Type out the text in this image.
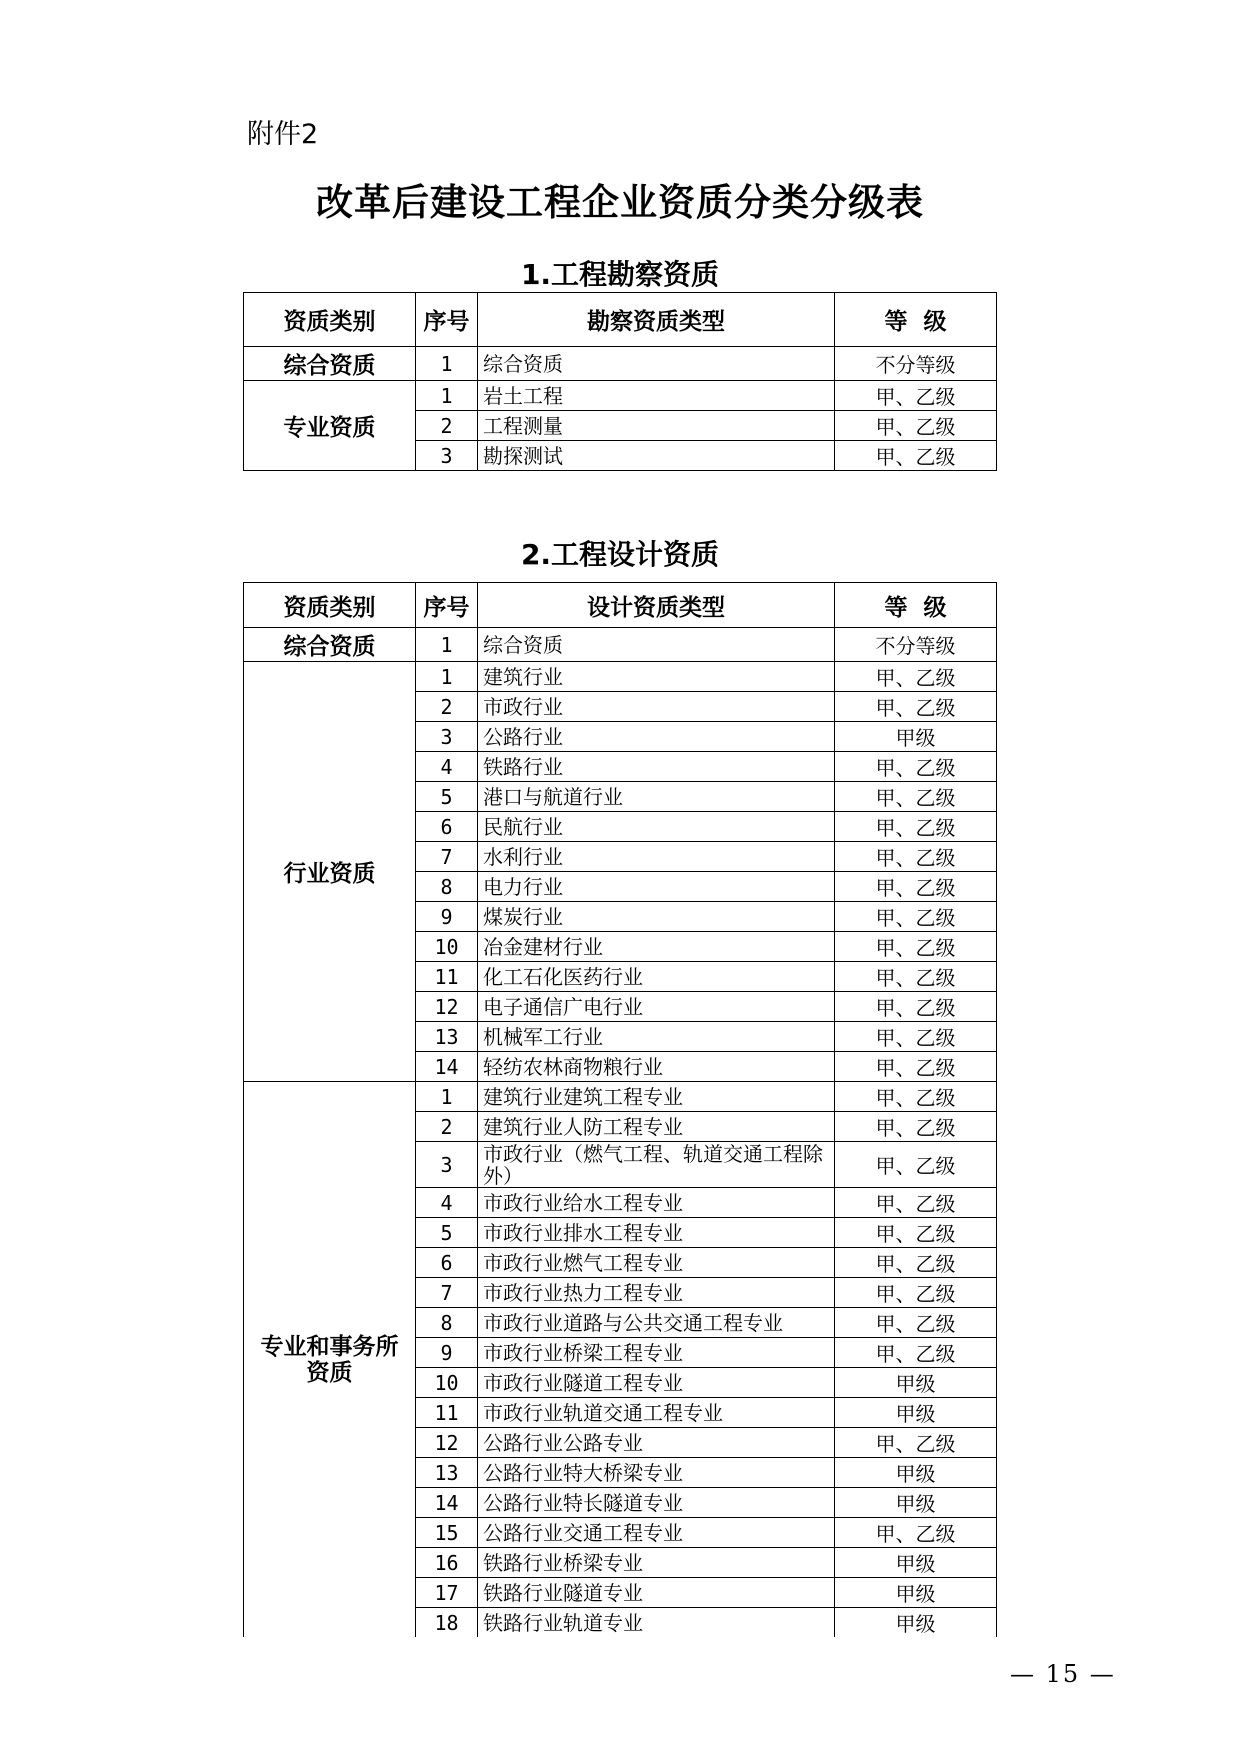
附件2
改革后建设工程企业资质分类分级表
1.工程勘察资质
资质类别	序号	勘察资质类型	等  级
综合资质	1	综合资质	不分等级
专业资质	1	岩土工程	甲、乙级
	2	工程测量	甲、乙级
	3	勘探测试	甲、乙级
2.工程设计资质
资质类别	序号	设计资质类型	等  级
综合资质	1	综合资质	不分等级
行业资质	1	建筑行业	甲、乙级
	2	市政行业	甲、乙级
	3	公路行业	甲级
	4	铁路行业	甲、乙级
	5	港口与航道行业	甲、乙级
	6	民航行业	甲、乙级
	7	水利行业	甲、乙级
	8	电力行业	甲、乙级
	9	煤炭行业	甲、乙级
	10	冶金建材行业	甲、乙级
	11	化工石化医药行业	甲、乙级
	12	电子通信广电行业	甲、乙级
	13	机械军工行业	甲、乙级
	14	轻纺农林商物粮行业	甲、乙级
专业和事务所资质	1	建筑行业建筑工程专业	甲、乙级
	2	建筑行业人防工程专业	甲、乙级
	3	市政行业（燃气工程、轨道交通工程除外）	甲、乙级
	4	市政行业给水工程专业	甲、乙级
	5	市政行业排水工程专业	甲、乙级
	6	市政行业燃气工程专业	甲、乙级
	7	市政行业热力工程专业	甲、乙级
	8	市政行业道路与公共交通工程专业	甲、乙级
	9	市政行业桥梁工程专业	甲、乙级
	10	市政行业隧道工程专业	甲级
	11	市政行业轨道交通工程专业	甲级
	12	公路行业公路专业	甲、乙级
	13	公路行业特大桥梁专业	甲级
	14	公路行业特长隧道专业	甲级
	15	公路行业交通工程专业	甲、乙级
	16	铁路行业桥梁专业	甲级
	17	铁路行业隧道专业	甲级
	18	铁路行业轨道专业	甲级
— 15 —
